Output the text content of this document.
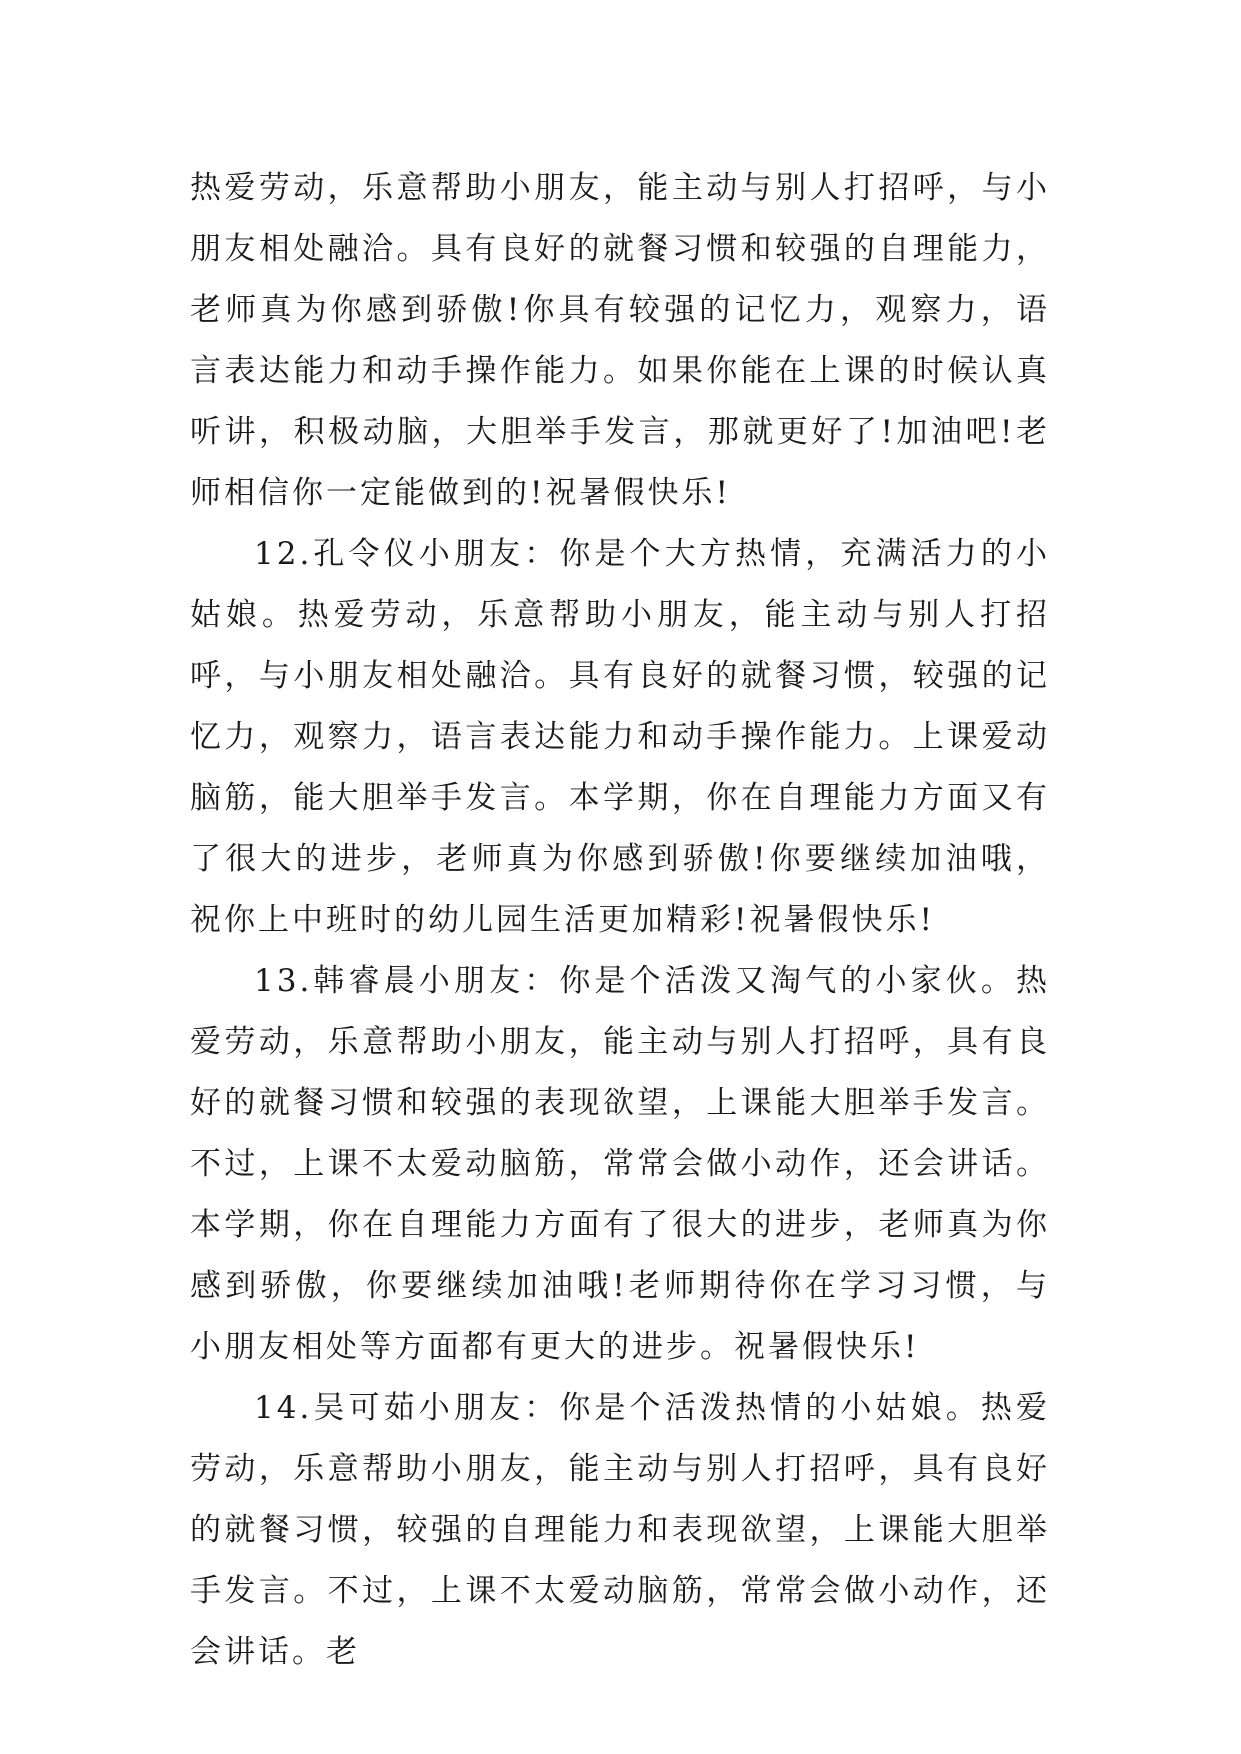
热爱劳动，乐意帮助小朋友，能主动与别人打招呼，与小朋友相处融洽。具有良好的就餐习惯和较强的自理能力，老师真为你感到骄傲!你具有较强的记忆力，观察力，语言表达能力和动手操作能力。如果你能在上课的时候认真听讲，积极动脑，大胆举手发言，那就更好了!加油吧!老师相信你一定能做到的!祝暑假快乐!

12.孔令仪小朋友：你是个大方热情，充满活力的小姑娘。热爱劳动，乐意帮助小朋友，能主动与别人打招呼，与小朋友相处融洽。具有良好的就餐习惯，较强的记忆力，观察力，语言表达能力和动手操作能力。上课爱动脑筋，能大胆举手发言。本学期，你在自理能力方面又有了很大的进步，老师真为你感到骄傲!你要继续加油哦，祝你上中班时的幼儿园生活更加精彩!祝暑假快乐!

13.韩睿晨小朋友：你是个活泼又淘气的小家伙。热爱劳动，乐意帮助小朋友，能主动与别人打招呼，具有良好的就餐习惯和较强的表现欲望，上课能大胆举手发言。不过，上课不太爱动脑筋，常常会做小动作，还会讲话。本学期，你在自理能力方面有了很大的进步，老师真为你感到骄傲，你要继续加油哦!老师期待你在学习习惯，与小朋友相处等方面都有更大的进步。祝暑假快乐!

14.吴可茹小朋友：你是个活泼热情的小姑娘。热爱劳动，乐意帮助小朋友，能主动与别人打招呼，具有良好的就餐习惯，较强的自理能力和表现欲望，上课能大胆举手发言。不过，上课不太爱动脑筋，常常会做小动作，还会讲话。老
